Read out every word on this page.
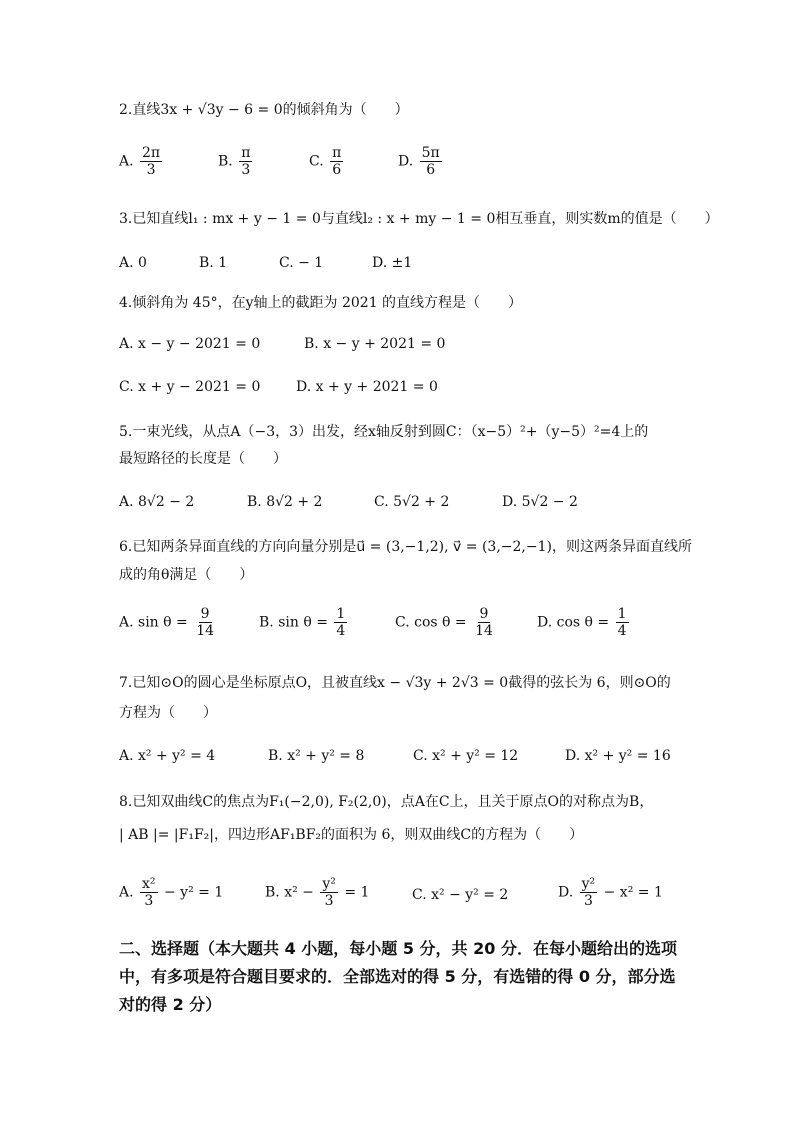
2.直线3x + √3y − 6 = 0的倾斜角为（　　）
A. $\frac{2\pi}{3}$	B. $\frac{\pi}{3}$	C. $\frac{\pi}{6}$	D. $\frac{5\pi}{6}$
3.已知直线l₁ : mx + y − 1 = 0与直线l₂ : x + my − 1 = 0相互垂直，则实数m的值是（　　）
A. 0	B. 1	C. − 1	D. ±1
4.倾斜角为 45°，在y轴上的截距为 2021 的直线方程是（　　）
A. x − y − 2021 = 0	B. x − y + 2021 = 0
C. x + y − 2021 = 0	D. x + y + 2021 = 0
5.一束光线，从点A（−3，3）出发，经x轴反射到圆C：（x−5）²+（y−5）²=4上的
最短路径的长度是（　　）
A. 8√2 − 2	B. 8√2 + 2	C. 5√2 + 2	D. 5√2 − 2
6.已知两条异面直线的方向向量分别是u⃗ = (3,−1,2), v⃗ = (3,−2,−1)，则这两条异面直线所
成的角θ满足（　　）
A. $\sin \theta = \frac{9}{14}$	B. $\sin \theta = \frac{1}{4}$	C. $\cos \theta = \frac{9}{14}$	D. $\cos \theta = \frac{1}{4}$
7.已知⊙O的圆心是坐标原点O，且被直线x − √3y + 2√3 = 0截得的弦长为 6，则⊙O的
方程为（　　）
A. x² + y² = 4	B. x² + y² = 8	C. x² + y² = 12	D. x² + y² = 16
8.已知双曲线C的焦点为F₁(−2,0), F₂(2,0)，点A在C上，且关于原点O的对称点为B，
| AB |= |F₁F₂|，四边形AF₁BF₂的面积为 6，则双曲线C的方程为（　　）
A. $\frac{\text{x²}}{3} - y^2 = 1$	B. $x^2 - \frac{\text{y²}}{3} = 1$	C. x² − y² = 2	D. $\frac{\text{y²}}{3} - x^2 = 1$
二、选择题（本大题共 4 小题，每小题 5 分，共 20 分．在每小题给出的选项中，有多项是符合题目要求的．全部选对的得 5 分，有选错的得 0 分，部分选对的得 2 分）
